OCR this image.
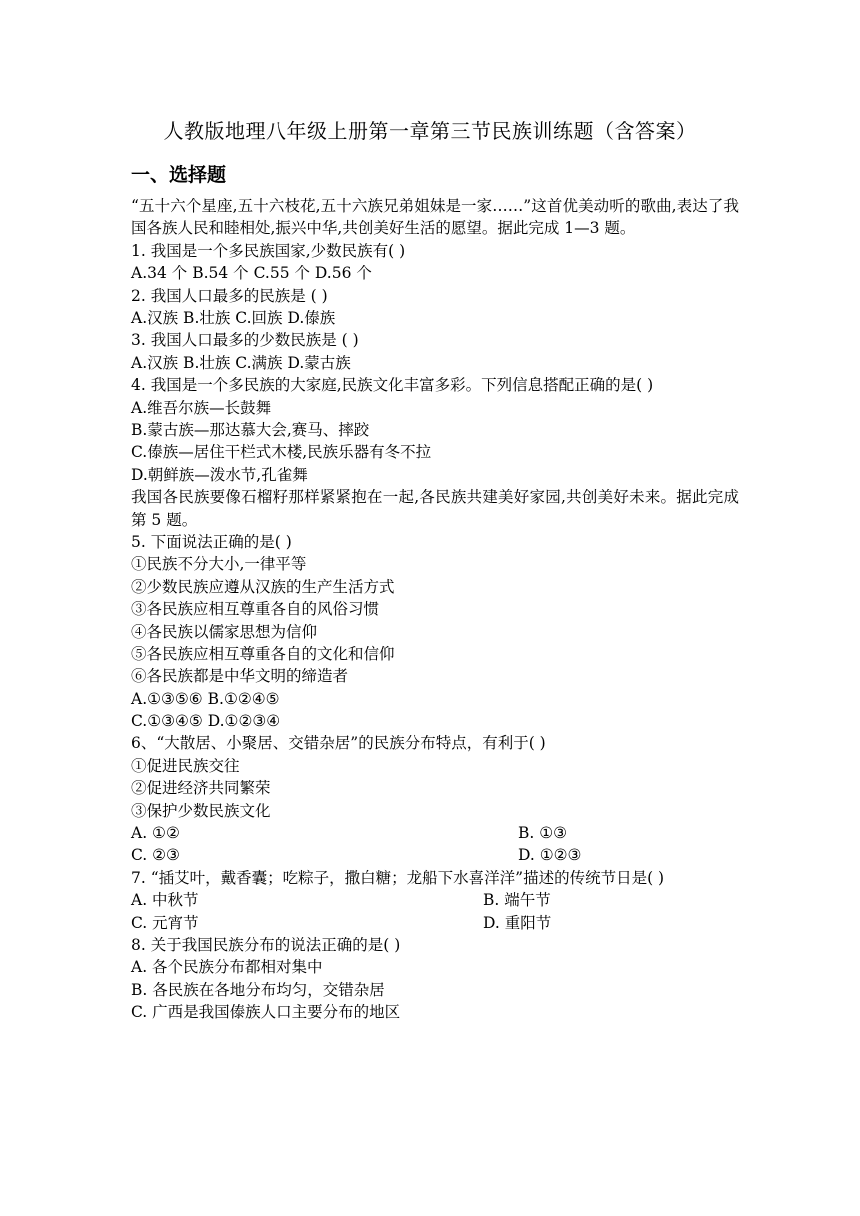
人教版地理八年级上册第一章第三节民族训练题（含答案）
一、选择题
“五十六个星座,五十六枝花,五十六族兄弟姐妹是一家……”这首优美动听的歌曲,表达了我国各族人民和睦相处,振兴中华,共创美好生活的愿望。据此完成 1—3 题。
1. 我国是一个多民族国家,少数民族有( )
A.34 个 B.54 个 C.55 个 D.56 个
2. 我国人口最多的民族是 ( )
A.汉族 B.壮族 C.回族 D.傣族
3. 我国人口最多的少数民族是 ( )
A.汉族 B.壮族 C.满族 D.蒙古族
4. 我国是一个多民族的大家庭,民族文化丰富多彩。下列信息搭配正确的是( )
A.维吾尔族—长鼓舞
B.蒙古族—那达慕大会,赛马、摔跤
C.傣族—居住干栏式木楼,民族乐器有冬不拉
D.朝鲜族—泼水节,孔雀舞
我国各民族要像石榴籽那样紧紧抱在一起,各民族共建美好家园,共创美好未来。据此完成第 5 题。
5. 下面说法正确的是( )
①民族不分大小,一律平等
②少数民族应遵从汉族的生产生活方式
③各民族应相互尊重各自的风俗习惯
④各民族以儒家思想为信仰
⑤各民族应相互尊重各自的文化和信仰
⑥各民族都是中华文明的缔造者
A.①③⑤⑥ B.①②④⑤
C.①③④⑤ D.①②③④
6、“大散居、小聚居、交错杂居”的民族分布特点，有利于( )
①促进民族交往
②促进经济共同繁荣
③保护少数民族文化
A. ①②	B. ①③
C. ②③	D. ①②③
7. “插艾叶，戴香囊；吃粽子，撒白糖；龙船下水喜洋洋”描述的传统节日是( )
A. 中秋节	B. 端午节
C. 元宵节	D. 重阳节
8. 关于我国民族分布的说法正确的是( )
A. 各个民族分布都相对集中
B. 各民族在各地分布均匀，交错杂居
C. 广西是我国傣族人口主要分布的地区
